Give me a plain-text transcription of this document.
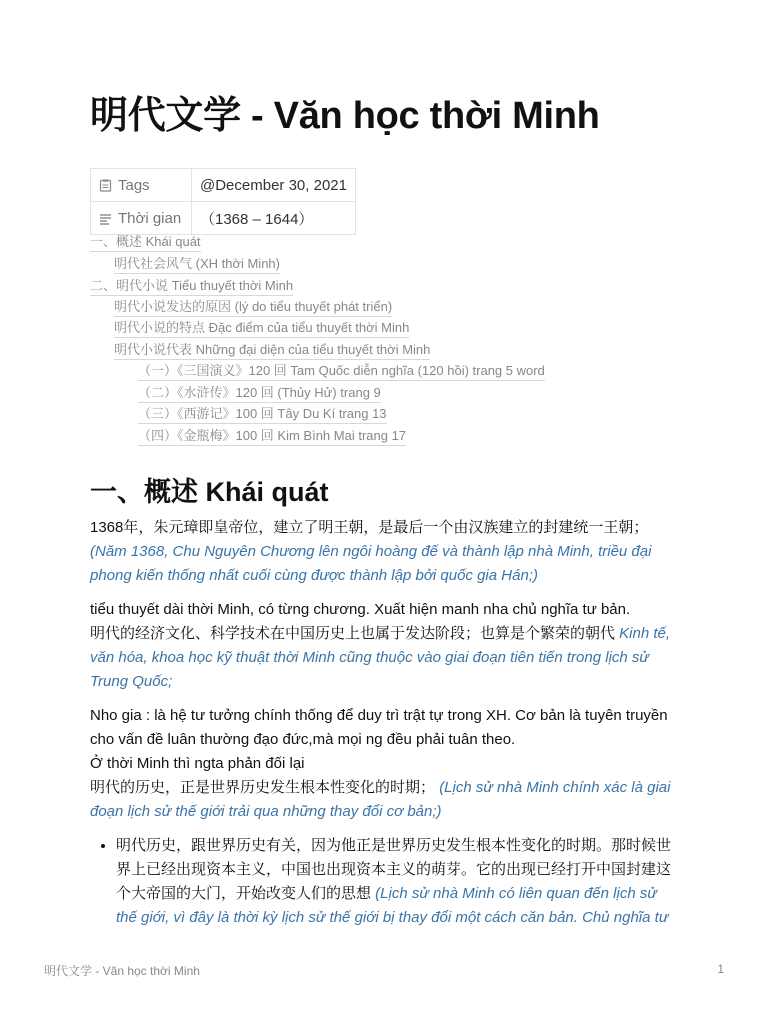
明代文学 - Văn học thời Minh
Tags	@December 30, 2021
Thời gian	（1368 – 1644）
一、概述 Khái quát
明代社会风气 (XH thời Minh)
二、明代小说 Tiểu thuyết thời Minh
明代小说发达的原因 (lý do tiểu thuyết phát triển)
明代小说的特点 Đặc điểm của tiểu thuyết thời Minh
明代小说代表 Những đại diện của tiểu thuyết thời Minh
（一）《三国演义》120 回 Tam Quốc diễn nghĩa (120 hồi) trang 5 word
（二）《水浒传》120 回 (Thủy Hử) trang 9
（三）《西游记》100 回 Tây Du Kí trang 13
（四）《金瓶梅》100 回 Kim Bình Mai trang 17
一、概述 Khái quát

1368年，朱元璋即皇帝位，建立了明王朝，是最后一个由汉族建立的封建统一王朝；
(Năm 1368, Chu Nguyên Chương lên ngôi hoàng đế và thành lập nhà Minh, triều đại phong kiến thống nhất cuối cùng được thành lập bởi quốc gia Hán;)

tiểu thuyết dài thời Minh, có từng chương. Xuất hiện manh nha chủ nghĩa tư bản.
明代的经济文化、科学技术在中国历史上也属于发达阶段；也算是个繁荣的朝代 Kinh tế, văn hóa, khoa học kỹ thuật thời Minh cũng thuộc vào giai đoạn tiên tiến trong lịch sử Trung Quốc;

Nho gia : là hệ tư tưởng chính thống để duy trì trật tự trong XH. Cơ bản là tuyên truyền cho vấn đề luân thường đạo đức,mà mọi ng đều phải tuân theo.
Ở thời Minh thì ngta phản đối lại
明代的历史，正是世界历史发生根本性变化的时期； (Lịch sử nhà Minh chính xác là giai đoạn lịch sử thế giới trải qua những thay đổi cơ bản;)

• 明代历史，跟世界历史有关，因为他正是世界历史发生根本性变化的时期。那时候世界上已经出现资本主义，中国也出现资本主义的萌芽。它的出现已经打开中国封建这个大帝国的大门，开始改变人们的思想 (Lịch sử nhà Minh có liên quan đến lịch sử thế giới, vì đây là thời kỳ lịch sử thế giới bị thay đổi một cách căn bản. Chủ nghĩa tư
明代文学 - Văn học thời Minh	1
